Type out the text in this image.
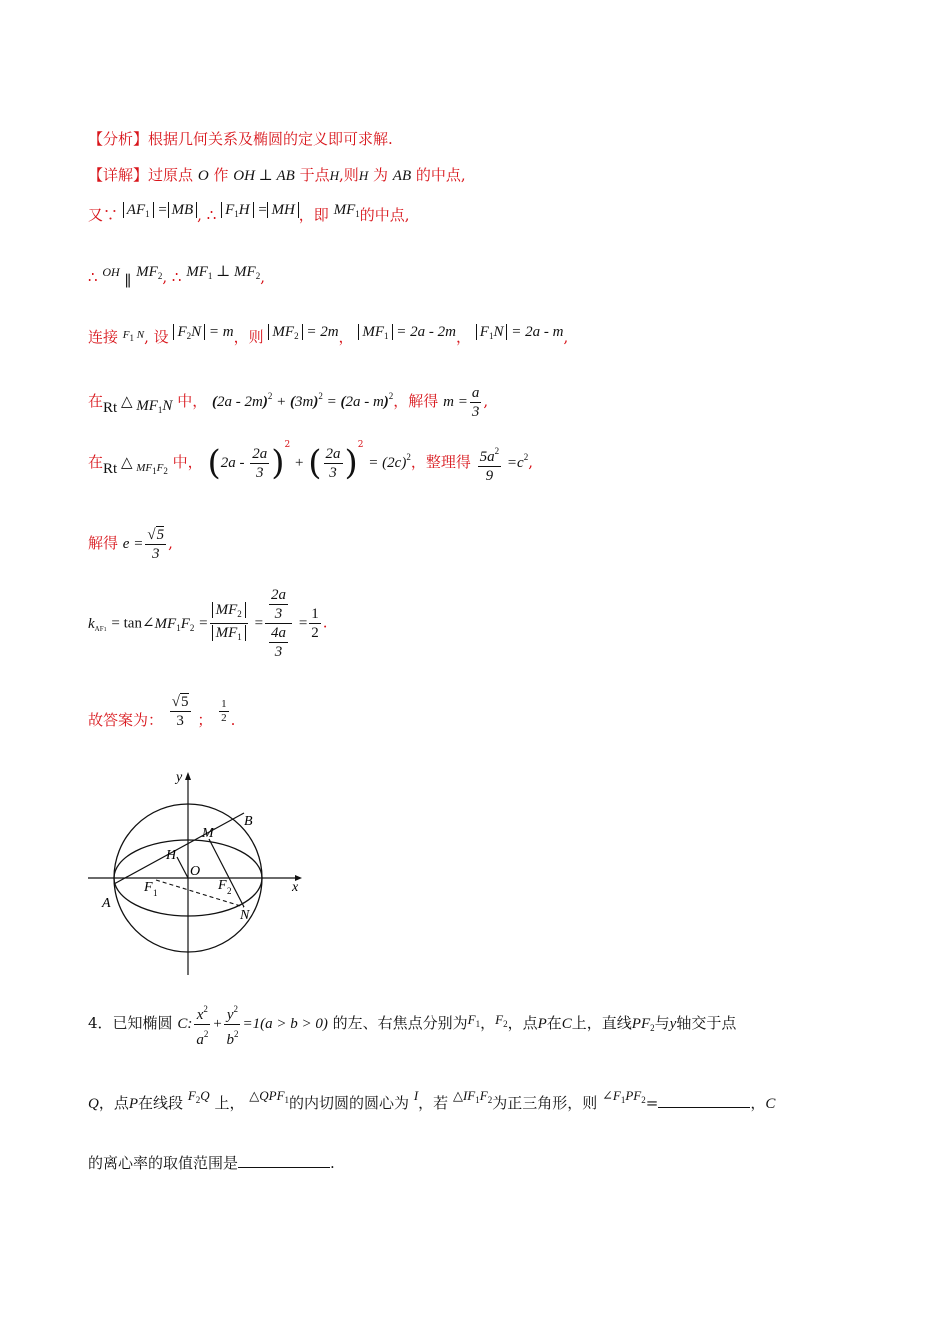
【分析】根据几何关系及椭圆的定义即可求解.
【详解】过原点 O 作 OH ⊥ AB 于点H,则H 为 AB 的中点,
又∵ $AF_1$ = MB , ∴ $F_1H$ = MH ，即 $MF_1$的中点,
∴ $^{OH}$ ∥ $MF_2$, ∴ $MF_1$ ⊥ $MF_2$,
连接 $^{F_1 N}$, 设 $F_2N = m$，则 $MF_2 = 2m$， $MF_1 = 2a - 2m$， $F_1N = 2a - m$,
在Rt △ $MF_1N$ 中， $(2a - 2m)^2 + (3m)^2 = (2a - m)^2$，解得 $m = \frac{a}{3}$ ,
在Rt △ $_{MF_1F_2}$ 中， $(2a - \frac{2a}{3} )^2$ + ( $\frac{2a}{3} )^2 = (2c)^2$，整理得 $\frac{5a^2}{9} =c^2$,
解得 $e = \frac{√5}{3}$ ,
$k_{AF1}$ = $\tan\angle MF_1F_2 = \frac{MF_2}{MF_1} = \frac{\frac{2a}{3}}{\frac{4a}{3}} = \frac{1}{2}$ .
故答案为： $\frac{√5}{3}$ ； $\frac{1}{2}$ .
y
x
B
M
H
O
A
F 1	F 2
N
4．已知椭圆 C: $\frac{x^2}{a^2} + \frac{y^2}{b^2} =1(a > b > 0)$ 的左、右焦点分别为$F_1$，$F_2$，点P在C上，直线$PF_2$与y轴交于点
Q，点P在线段 $F_2Q$ 上， $\triangle QPF_1$的内切圆的圆心为 I，若 $\triangle IF_1F_2$为正三角形，则 $\angle F_1PF_2=$	，C
的离心率的取值范围是	.
